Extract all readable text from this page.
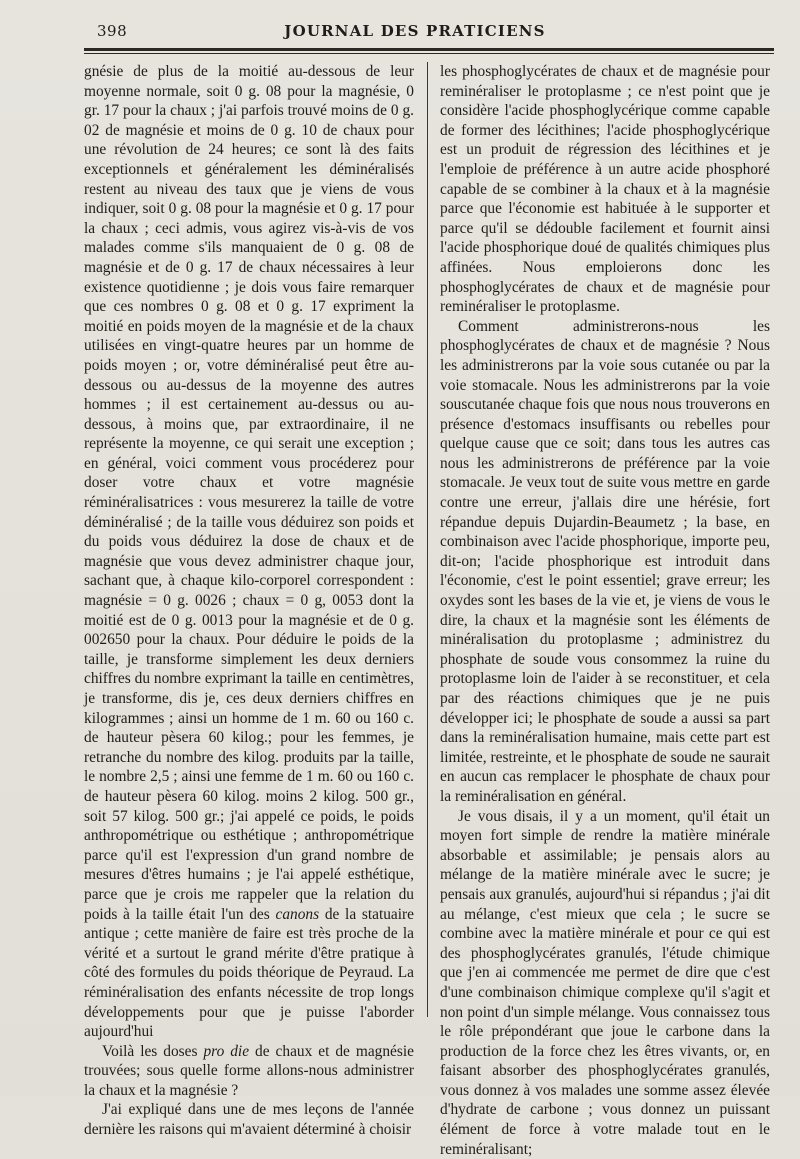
398	JOURNAL DES PRATICIENS

gnésie de plus de la moitié au-dessous de leur moyenne normale, soit 0 g. 08 pour la magnésie, 0 gr. 17 pour la chaux ; j'ai parfois trouvé moins de 0 g. 02 de magnésie et moins de 0 g. 10 de chaux pour une révolution de 24 heures; ce sont là des faits exceptionnels et généralement les déminéralisés restent au niveau des taux que je viens de vous indiquer, soit 0 g. 08 pour la magnésie et 0 g. 17 pour la chaux ; ceci admis, vous agirez vis-à-vis de vos malades comme s'ils manquaient de 0 g. 08 de magnésie et de 0 g. 17 de chaux nécessaires à leur existence quotidienne ; je dois vous faire remarquer que ces nombres 0 g. 08 et 0 g. 17 expriment la moitié en poids moyen de la magnésie et de la chaux utilisées en vingt-quatre heures par un homme de poids moyen ; or, votre déminéralisé peut être au-dessous ou au-dessus de la moyenne des autres hommes ; il est certainement au-dessus ou au-dessous, à moins que, par extraordinaire, il ne représente la moyenne, ce qui serait une exception ; en général, voici comment vous procéderez pour doser votre chaux et votre magnésie réminéralisatrices : vous mesurerez la taille de votre déminéralisé ; de la taille vous déduirez son poids et du poids vous déduirez la dose de chaux et de magnésie que vous devez administrer chaque jour, sachant que, à chaque kilo-corporel correspondent : magnésie = 0 g. 0026 ; chaux = 0 g, 0053 dont la moitié est de 0 g. 0013 pour la magnésie et de 0 g. 002650 pour la chaux. Pour déduire le poids de la taille, je transforme simplement les deux derniers chiffres du nombre exprimant la taille en centimètres, je transforme, dis je, ces deux derniers chiffres en kilogrammes ; ainsi un homme de 1 m. 60 ou 160 c. de hauteur pèsera 60 kilog.; pour les femmes, je retranche du nombre des kilog. produits par la taille, le nombre 2,5 ; ainsi une femme de 1 m. 60 ou 160 c. de hauteur pèsera 60 kilog. moins 2 kilog. 500 gr., soit 57 kilog. 500 gr.; j'ai appelé ce poids, le poids anthropométrique ou esthétique ; anthropométrique parce qu'il est l'expression d'un grand nombre de mesures d'êtres humains ; je l'ai appelé esthétique, parce que je crois me rappeler que la relation du poids à la taille était l'un des canons de la statuaire antique ; cette manière de faire est très proche de la vérité et a surtout le grand mérite d'être pratique à côté des formules du poids théorique de Peyraud. La réminéralisation des enfants nécessite de trop longs développements pour que je puisse l'aborder aujourd'hui

Voilà les doses pro die de chaux et de magnésie trouvées; sous quelle forme allons-nous administrer la chaux et la magnésie ?

J'ai expliqué dans une de mes leçons de l'année dernière les raisons qui m'avaient déterminé à choisir

les phosphoglycérates de chaux et de magnésie pour reminéraliser le protoplasme ; ce n'est point que je considère l'acide phosphoglycérique comme capable de former des lécithines; l'acide phosphoglycérique est un produit de régression des lécithines et je l'emploie de préférence à un autre acide phosphoré capable de se combiner à la chaux et à la magnésie parce que l'économie est habituée à le supporter et parce qu'il se dédouble facilement et fournit ainsi l'acide phosphorique doué de qualités chimiques plus affinées. Nous emploierons donc les phosphoglycérates de chaux et de magnésie pour reminéraliser le protoplasme.

Comment administrerons-nous les phosphoglycérates de chaux et de magnésie ? Nous les administrerons par la voie sous cutanée ou par la voie stomacale. Nous les administrerons par la voie souscutanée chaque fois que nous nous trouverons en présence d'estomacs insuffisants ou rebelles pour quelque cause que ce soit; dans tous les autres cas nous les administrerons de préférence par la voie stomacale. Je veux tout de suite vous mettre en garde contre une erreur, j'allais dire une hérésie, fort répandue depuis Dujardin-Beaumetz ; la base, en combinaison avec l'acide phosphorique, importe peu, dit-on; l'acide phosphorique est introduit dans l'économie, c'est le point essentiel; grave erreur; les oxydes sont les bases de la vie et, je viens de vous le dire, la chaux et la magnésie sont les éléments de minéralisation du protoplasme ; administrez du phosphate de soude vous consommez la ruine du protoplasme loin de l'aider à se reconstituer, et cela par des réactions chimiques que je ne puis développer ici; le phosphate de soude a aussi sa part dans la reminéralisation humaine, mais cette part est limitée, restreinte, et le phosphate de soude ne saurait en aucun cas remplacer le phosphate de chaux pour la reminéralisation en général.

Je vous disais, il y a un moment, qu'il était un moyen fort simple de rendre la matière minérale absorbable et assimilable; je pensais alors au mélange de la matière minérale avec le sucre; je pensais aux granulés, aujourd'hui si répandus ; j'ai dit au mélange, c'est mieux que cela ; le sucre se combine avec la matière minérale et pour ce qui est des phosphoglycérates granulés, l'étude chimique que j'en ai commencée me permet de dire que c'est d'une combinaison chimique complexe qu'il s'agit et non point d'un simple mélange. Vous connaissez tous le rôle prépondérant que joue le carbone dans la production de la force chez les êtres vivants, or, en faisant absorber des phosphoglycérates granulés, vous donnez à vos malades une somme assez élevée d'hydrate de carbone ; vous donnez un puissant élément de force à votre malade tout en le reminéralisant;
